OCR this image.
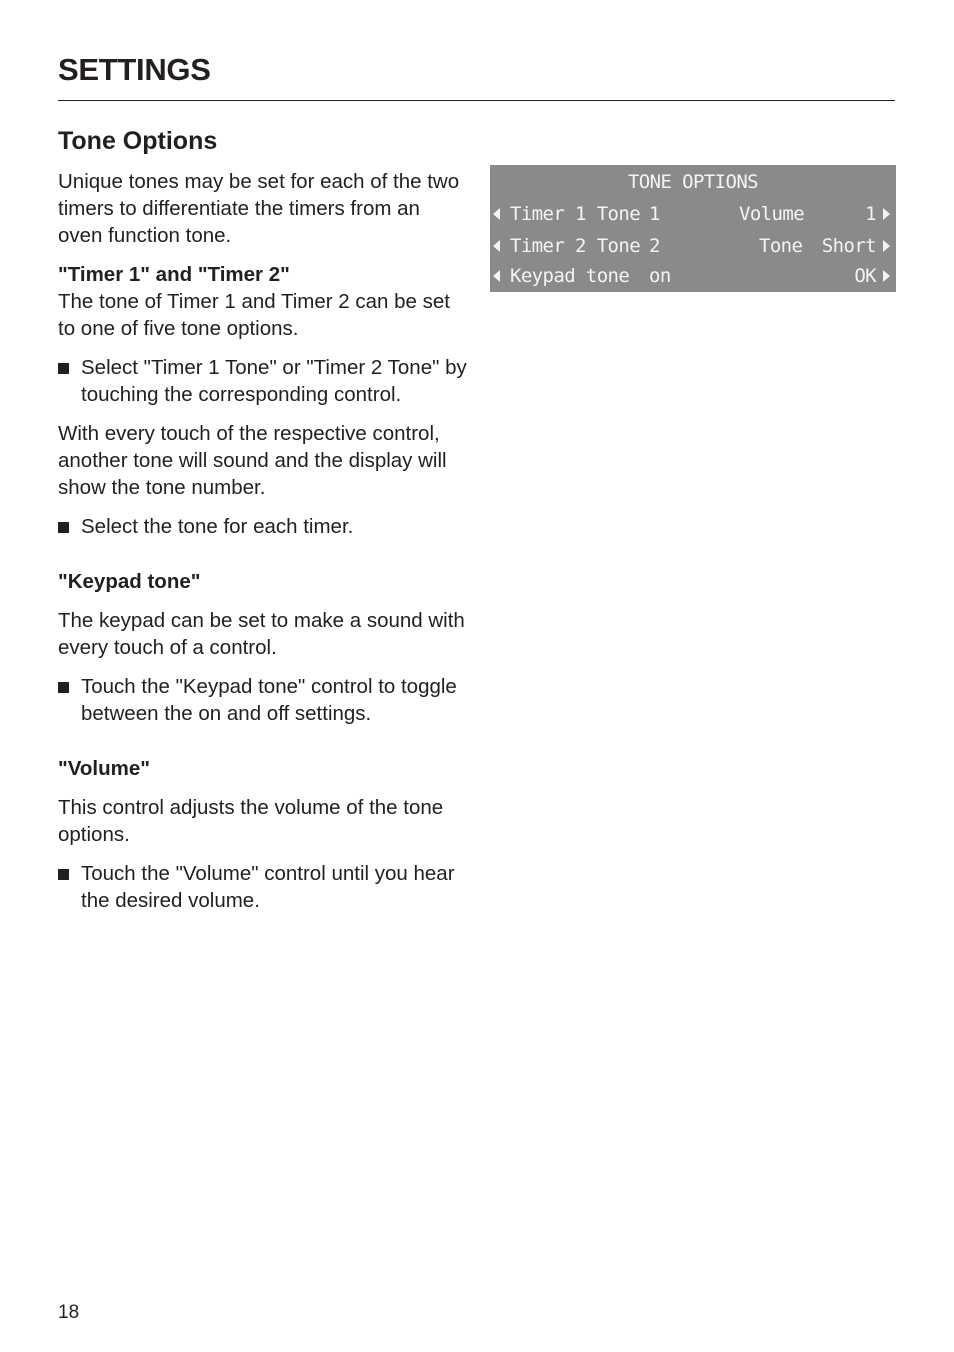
SETTINGS
Tone Options

Unique tones may be set for each of the two timers to differentiate the timers from an oven function tone.

"Timer 1" and "Timer 2"

The tone of Timer 1 and Timer 2 can be set to one of five tone options.

Select "Timer 1 Tone" or "Timer 2 Tone" by touching the corresponding control.

With every touch of the respective control, another tone will sound and the display will show the tone number.

Select the tone for each timer.

"Keypad tone"

The keypad can be set to make a sound with every touch of a control.

Touch the "Keypad tone" control to toggle between the on and off settings.

"Volume"

This control adjusts the volume of the tone options.

Touch the "Volume" control until you hear the desired volume.
TONE OPTIONS
Timer 1 Tone 1	Volume	1
Timer 2 Tone 2	Tone Short
Keypad tone on	OK
18
